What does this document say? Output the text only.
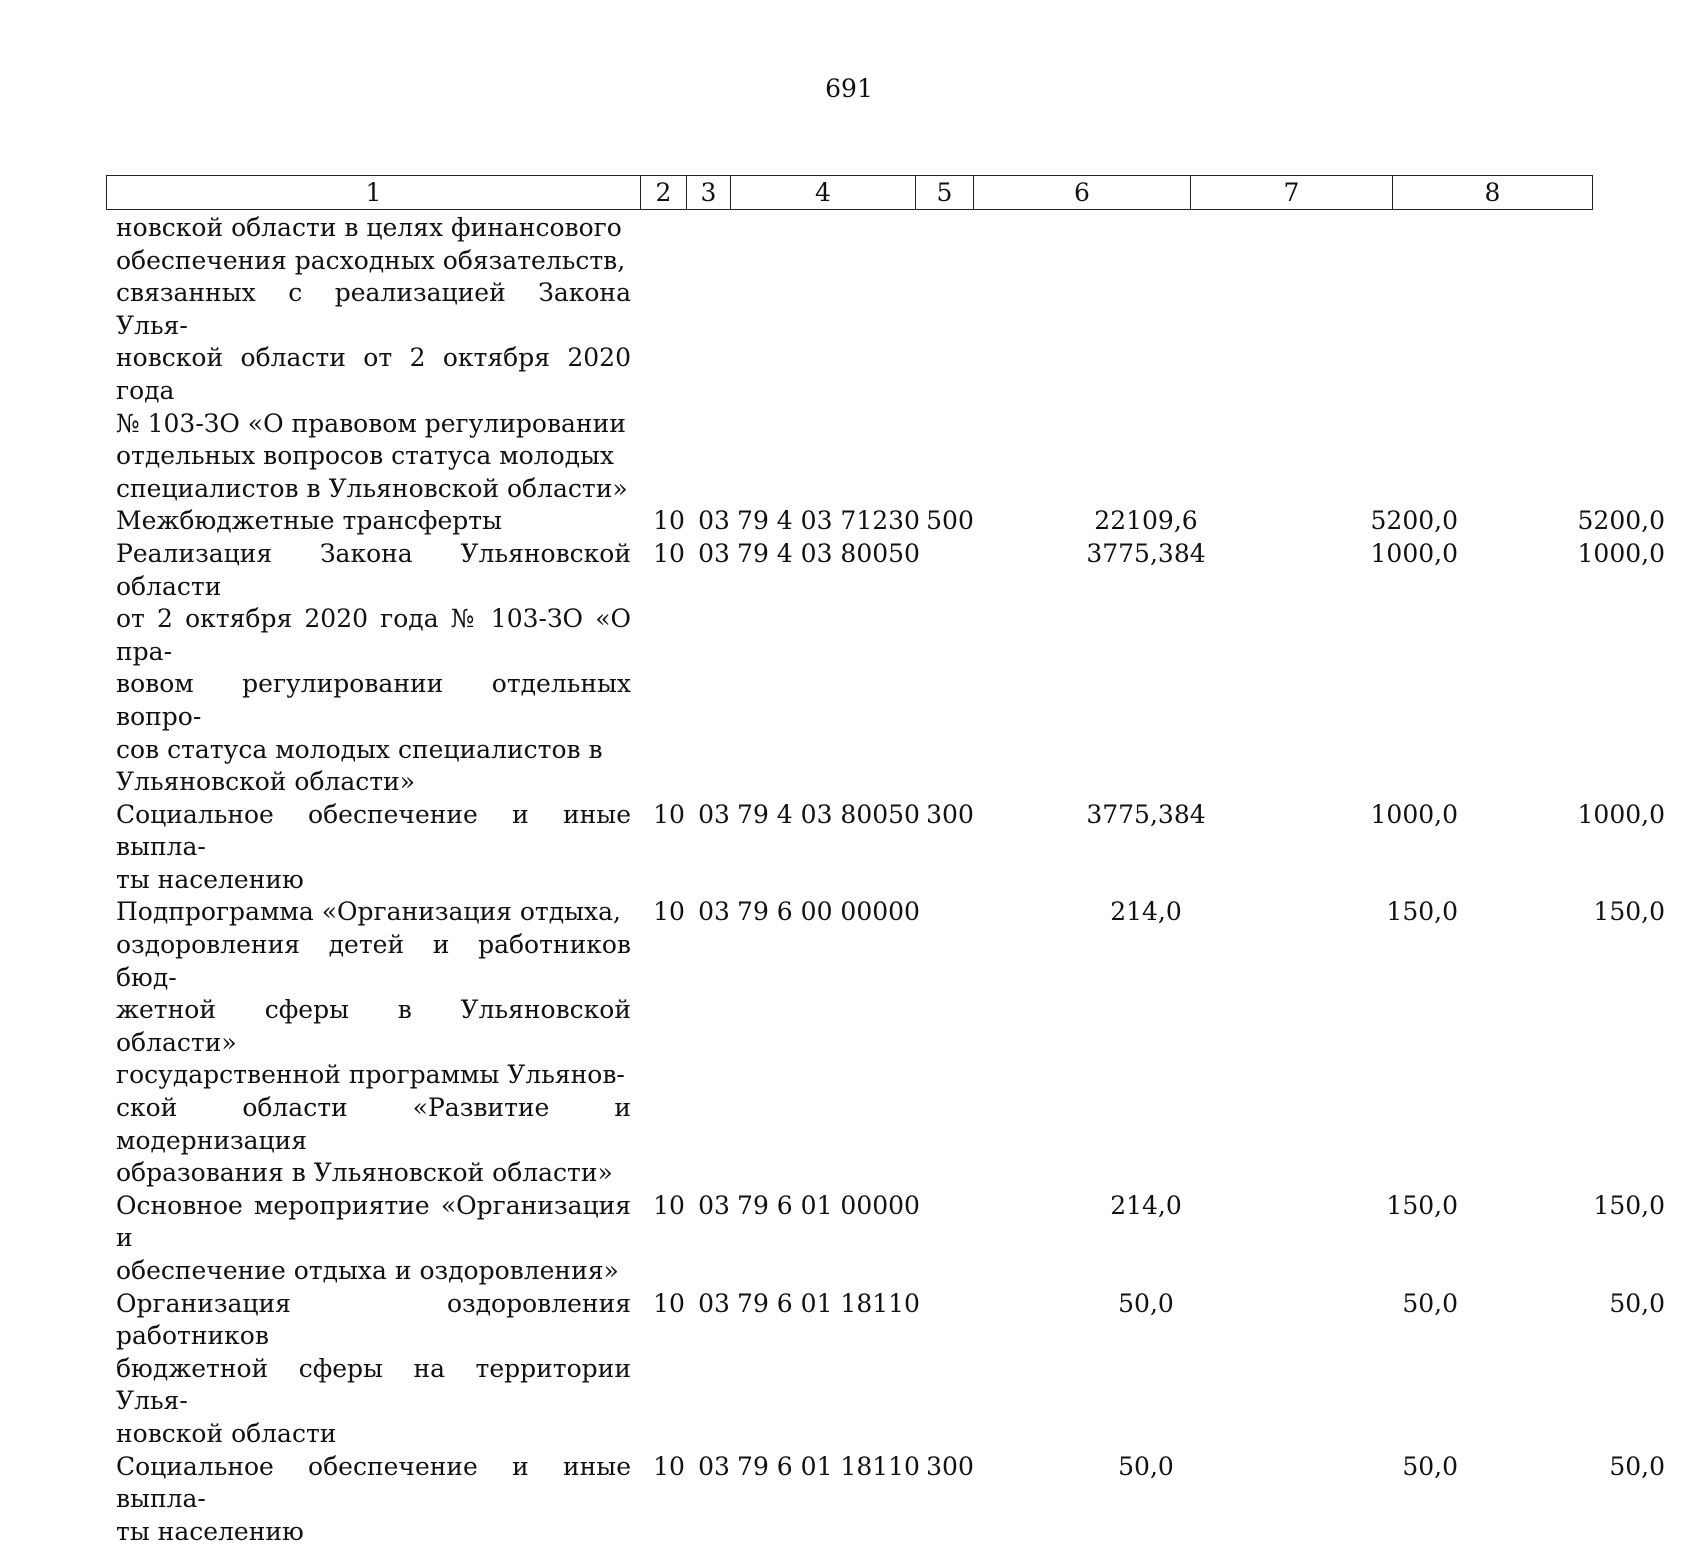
691
1	2	3	4	5	6	7	8
новской области в целях финансового
обеспечения расходных обязательств,
связанных с реализацией Закона Улья-
новской области от 2 октября 2020 года
№ 103-ЗО «О правовом регулировании
отдельных вопросов статуса молодых
специалистов в Ульяновской области»
Межбюджетные трансферты	10 03 79 4 03 71230 500	22109,6	5200,0	5200,0
Реализация Закона Ульяновской области
от 2 октября 2020 года № 103-ЗО «О пра-
вовом регулировании отдельных вопро-
сов статуса молодых специалистов в
Ульяновской области»
10 03 79 4 03 80050	3775,384	1000,0	1000,0
Социальное обеспечение и иные выпла-
ты населению
10 03 79 4 03 80050 300	3775,384	1000,0	1000,0
Подпрограмма «Организация отдыха,
оздоровления детей и работников бюд-
жетной сферы в Ульяновской области»
государственной программы Ульянов-
ской области «Развитие и модернизация
образования в Ульяновской области»
10 03 79 6 00 00000	214,0	150,0	150,0
Основное мероприятие «Организация и
обеспечение отдыха и оздоровления»
10 03 79 6 01 00000	214,0	150,0	150,0
Организация оздоровления работников
бюджетной сферы на территории Улья-
новской области
10 03 79 6 01 18110	50,0	50,0	50,0
Социальное обеспечение и иные выпла-
ты населению
10 03 79 6 01 18110 300	50,0	50,0	50,0
